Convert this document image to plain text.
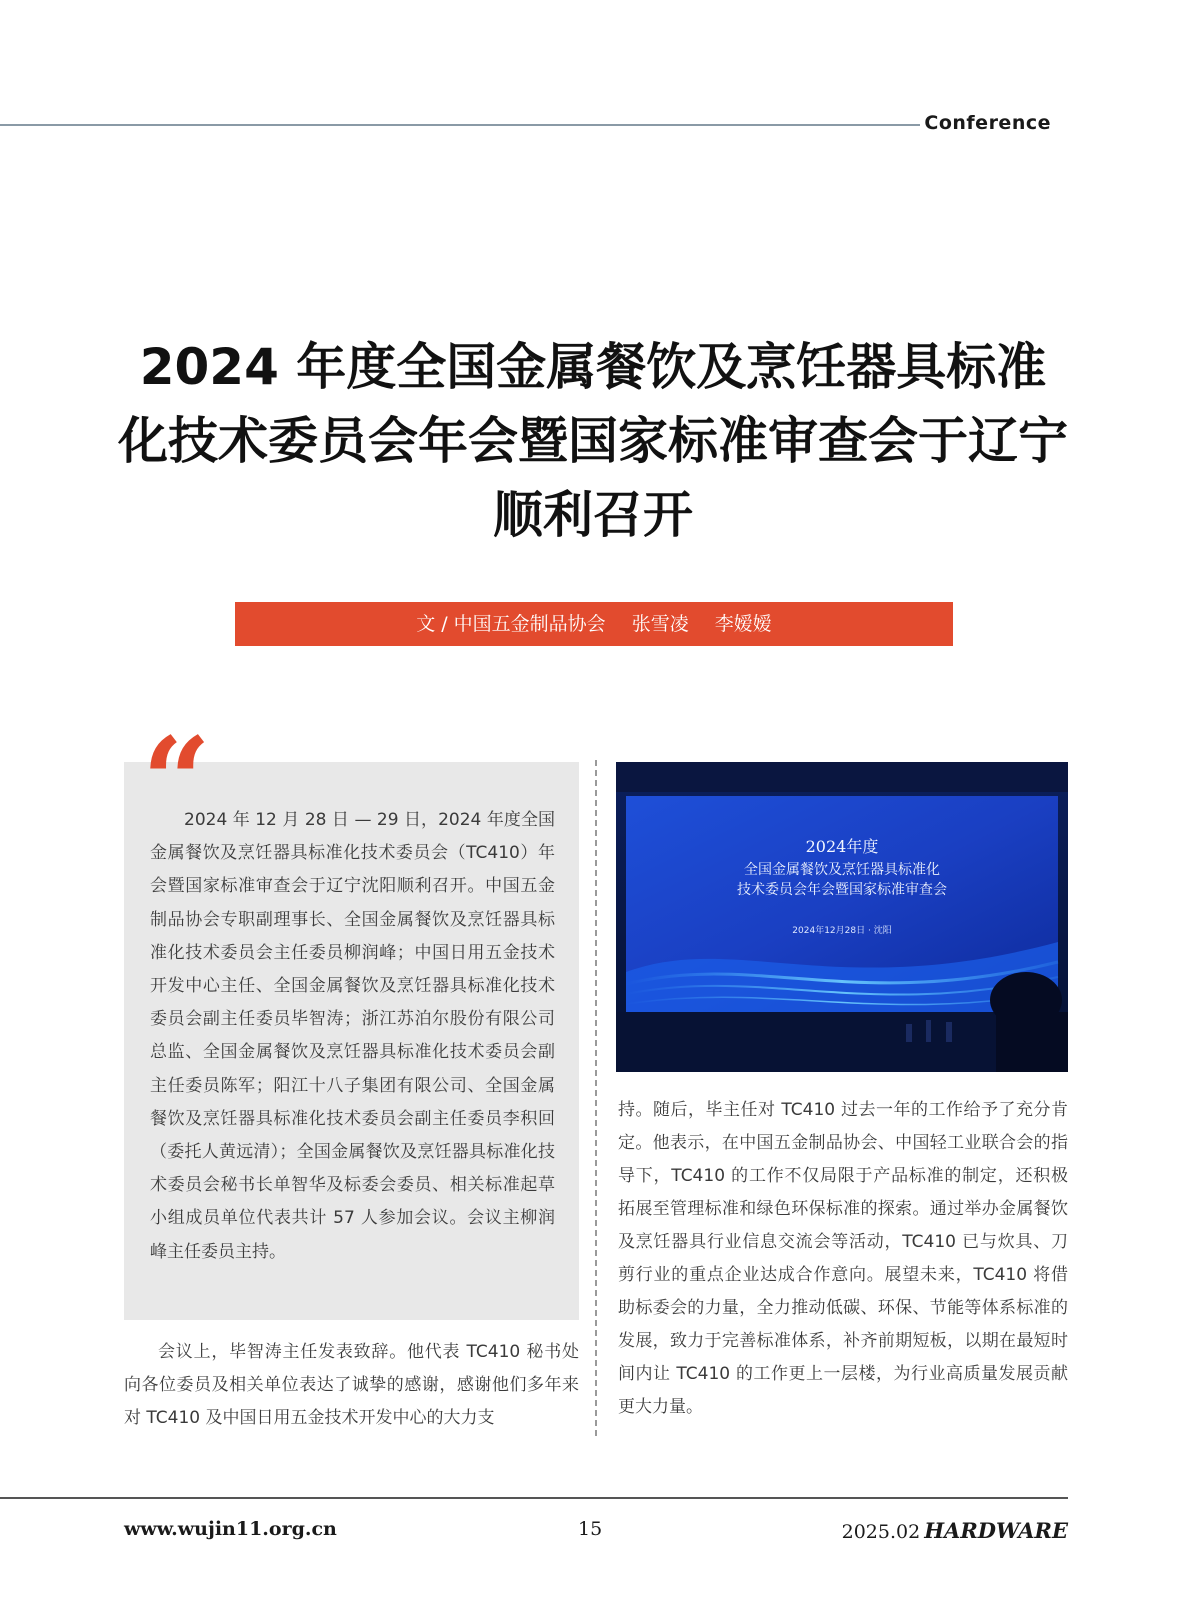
Conference
2024 年度全国金属餐饮及烹饪器具标准化技术委员会年会暨国家标准审查会于辽宁顺利召开
文 / 中国五金制品协会 张雪凌 李嫒嫒
“

2024 年 12 月 28 日 — 29 日，2024 年度全国金属餐饮及烹饪器具标准化技术委员会（TC410）年会暨国家标准审查会于辽宁沈阳顺利召开。中国五金制品协会专职副理事长、全国金属餐饮及烹饪器具标准化技术委员会主任委员柳润峰；中国日用五金技术开发中心主任、全国金属餐饮及烹饪器具标准化技术委员会副主任委员毕智涛；浙江苏泊尔股份有限公司总监、全国金属餐饮及烹饪器具标准化技术委员会副主任委员陈军；阳江十八子集团有限公司、全国金属餐饮及烹饪器具标准化技术委员会副主任委员李积回（委托人黄远清）；全国金属餐饮及烹饪器具标准化技术委员会秘书长单智华及标委会委员、相关标准起草小组成员单位代表共计 57 人参加会议。会议主柳润峰主任委员主持。

会议上，毕智涛主任发表致辞。他代表 TC410 秘书处向各位委员及相关单位表达了诚挚的感谢，感谢他们多年来对 TC410 及中国日用五金技术开发中心的大力支

2024年度
全国金属餐饮及烹饪器具标准化
技术委员会年会暨国家标准审查会
2024年12月28日 · 沈阳

持。随后，毕主任对 TC410 过去一年的工作给予了充分肯定。他表示，在中国五金制品协会、中国轻工业联合会的指导下，TC410 的工作不仅局限于产品标准的制定，还积极拓展至管理标准和绿色环保标准的探索。通过举办金属餐饮及烹饪器具行业信息交流会等活动，TC410 已与炊具、刀剪行业的重点企业达成合作意向。展望未来，TC410 将借助标委会的力量，全力推动低碳、环保、节能等体系标准的发展，致力于完善标准体系，补齐前期短板，以期在最短时间内让 TC410 的工作更上一层楼，为行业高质量发展贡献更大力量。

www.wujin11.org.cn	15	2025.02 HARDWARE
